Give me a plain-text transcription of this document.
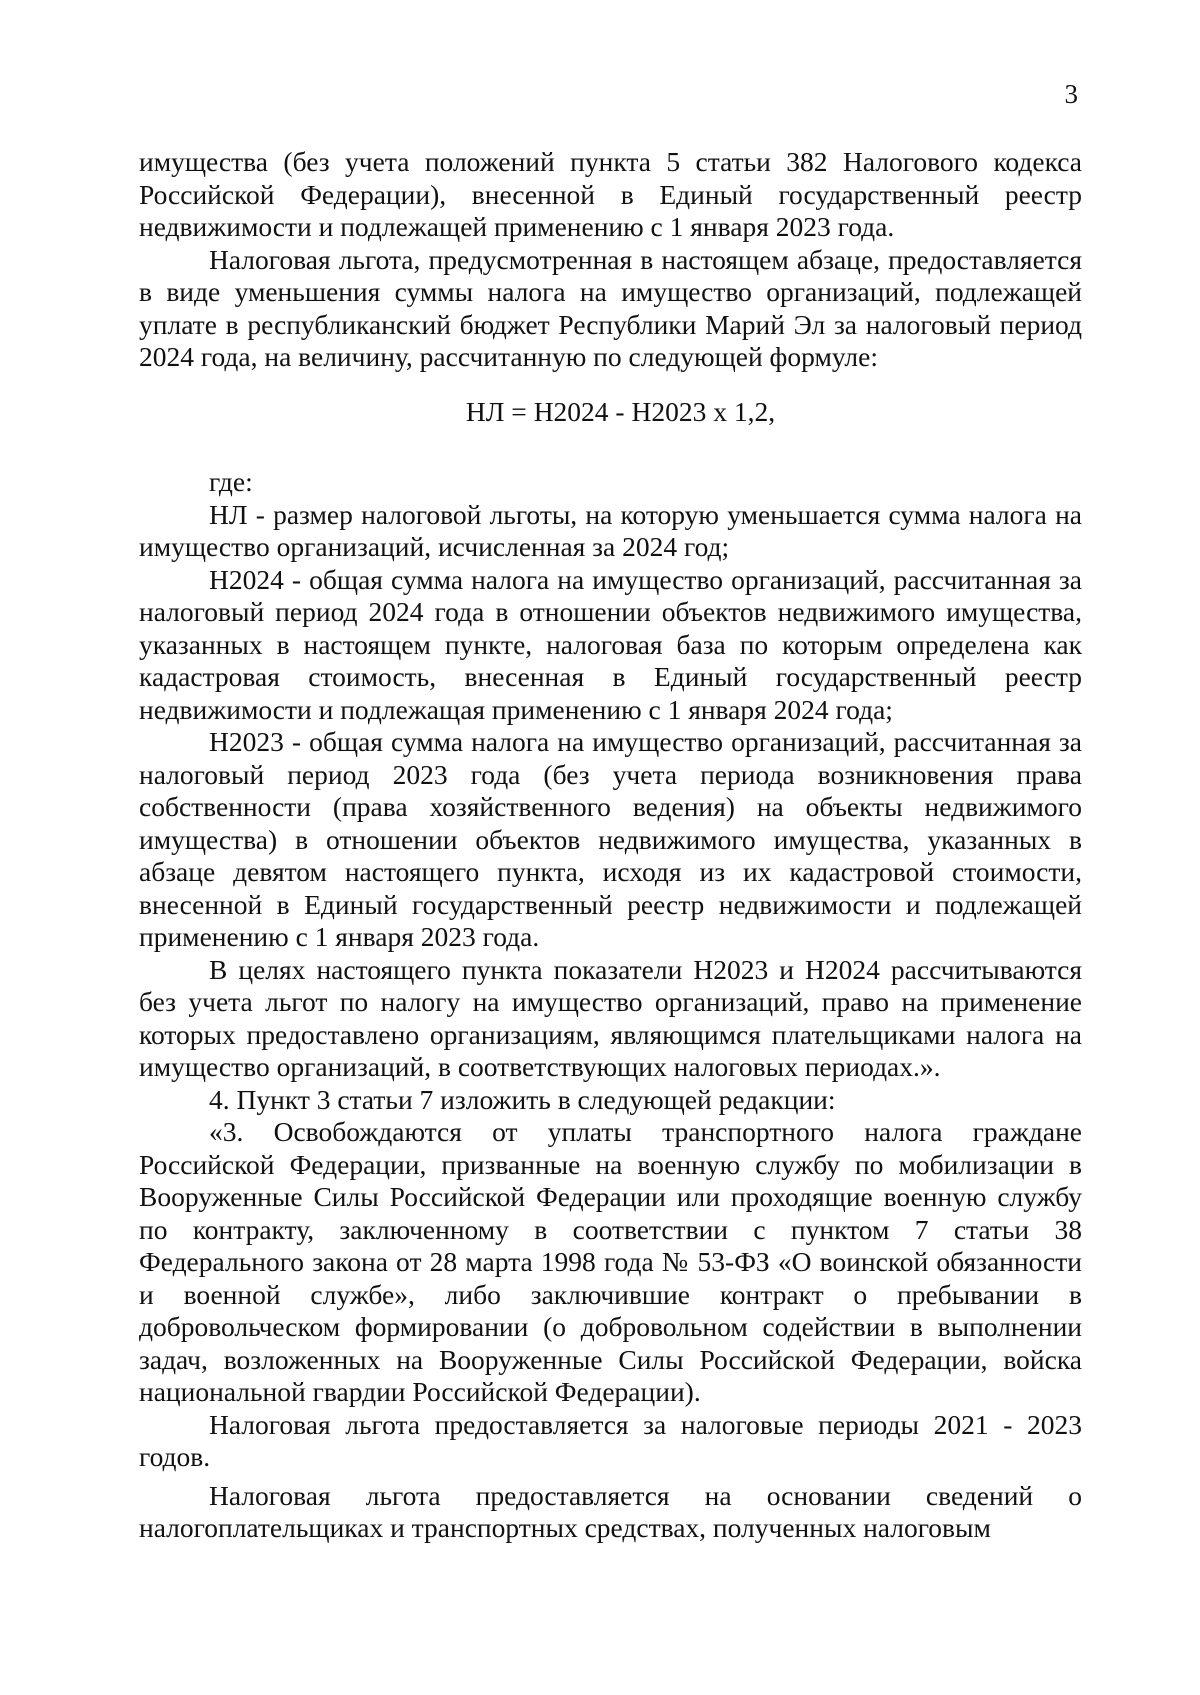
3

имущества (без учета положений пункта 5 статьи 382 Налогового кодекса Российской Федерации), внесенной в Единый государственный реестр недвижимости и подлежащей применению с 1 января 2023 года.

Налоговая льгота, предусмотренная в настоящем абзаце, предоставляется в виде уменьшения суммы налога на имущество организаций, подлежащей уплате в республиканский бюджет Республики Марий Эл за налоговый период 2024 года, на величину, рассчитанную по следующей формуле:

НЛ = Н2024 - Н2023 х 1,2,

где:

НЛ - размер налоговой льготы, на которую уменьшается сумма налога на имущество организаций, исчисленная за 2024 год;

Н2024 - общая сумма налога на имущество организаций, рассчитанная за налоговый период 2024 года в отношении объектов недвижимого имущества, указанных в настоящем пункте, налоговая база по которым определена как кадастровая стоимость, внесенная в Единый государственный реестр недвижимости и подлежащая применению с 1 января 2024 года;

Н2023 - общая сумма налога на имущество организаций, рассчитанная за налоговый период 2023 года (без учета периода возникновения права собственности (права хозяйственного ведения) на объекты недвижимого имущества) в отношении объектов недвижимого имущества, указанных в абзаце девятом настоящего пункта, исходя из их кадастровой стоимости, внесенной в Единый государственный реестр недвижимости и подлежащей применению с 1 января 2023 года.

В целях настоящего пункта показатели Н2023 и Н2024 рассчитываются без учета льгот по налогу на имущество организаций, право на применение которых предоставлено организациям, являющимся плательщиками налога на имущество организаций, в соответствующих налоговых периодах.».

4. Пункт 3 статьи 7 изложить в следующей редакции:

«3. Освобождаются от уплаты транспортного налога граждане Российской Федерации, призванные на военную службу по мобилизации в Вооруженные Силы Российской Федерации или проходящие военную службу по контракту, заключенному в соответствии с пунктом 7 статьи 38 Федерального закона от 28 марта 1998 года № 53-ФЗ «О воинской обязанности и военной службе», либо заключившие контракт о пребывании в добровольческом формировании (о добровольном содействии в выполнении задач, возложенных на Вооруженные Силы Российской Федерации, войска национальной гвардии Российской Федерации).

Налоговая льгота предоставляется за налоговые периоды 2021 - 2023 годов.

Налоговая льгота предоставляется на основании сведений о налогоплательщиках и транспортных средствах, полученных налоговым
